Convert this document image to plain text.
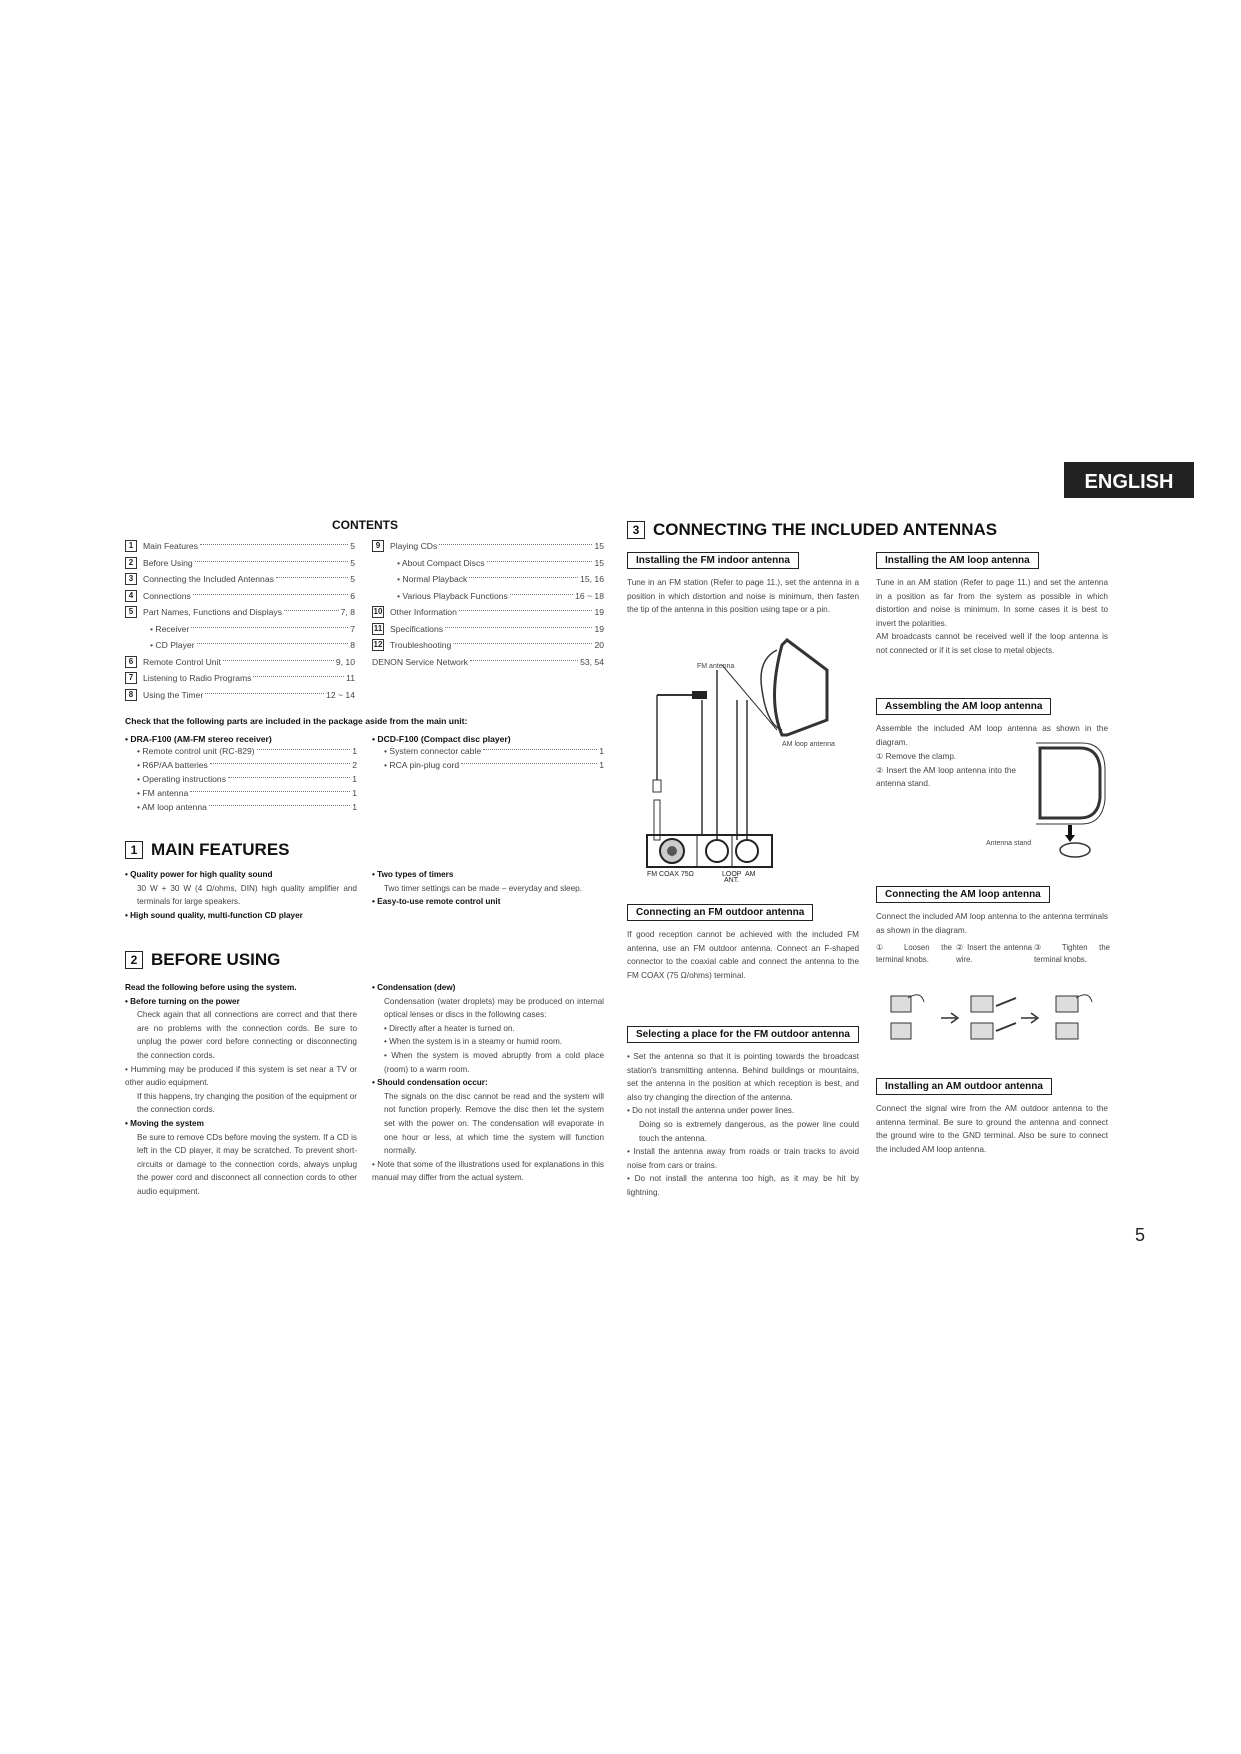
ENGLISH
CONTENTS
1	Main Features	5
2	Before Using	5
3	Connecting the Included Antennas	5
4	Connections	6
5	Part Names, Functions and Displays	7, 8
• Receiver	7
• CD Player	8
6	Remote Control Unit	9, 10
7	Listening to Radio Programs	11
8	Using the Timer	12 ~ 14
9	Playing CDs	15
• About Compact Discs	15
• Normal Playback	15, 16
• Various Playback Functions	16 ~ 18
10 Other Information	19
11 Specifications	19
12 Troubleshooting	20
DENON Service Network	53, 54
Check that the following parts are included in the package aside from the main unit:
• DRA-F100 (AM-FM stereo receiver)
• Remote control unit (RC-829)	1
• R6P/AA batteries	2
• Operating instructions	1
• FM antenna	1
• AM loop antenna	1
• DCD-F100 (Compact disc player)
• System connector cable	1
• RCA pin-plug cord	1
1 MAIN FEATURES

• Quality power for high quality sound

30 W + 30 W (4 Ω/ohms, DIN) high quality amplifier and terminals for large speakers.

• High sound quality, multi-function CD player

• Two types of timers

Two timer settings can be made – everyday and sleep.

• Easy-to-use remote control unit

2 BEFORE USING

Read the following before using the system.

• Before turning on the power

Check again that all connections are correct and that there are no problems with the connection cords. Be sure to unplug the power cord before connecting or disconnecting the connection cords.

• Humming may be produced if this system is set near a TV or other audio equipment.

If this happens, try changing the position of the equipment or the connection cords.

• Moving the system

Be sure to remove CDs before moving the system. If a CD is left in the CD player, it may be scratched. To prevent short-circuits or damage to the connection cords, always unplug the power cord and disconnect all connection cords to other audio equipment.

• Condensation (dew)

Condensation (water droplets) may be produced on internal optical lenses or discs in the following cases:

• Directly after a heater is turned on.

• When the system is in a steamy or humid room.

• When the system is moved abruptly from a cold place (room) to a warm room.

• Should condensation occur:

The signals on the disc cannot be read and the system will not function properly. Remove the disc then let the system set with the power on. The condensation will evaporate in one hour or less, at which time the system will function normally.

• Note that some of the illustrations used for explanations in this manual may differ from the actual system.

3 CONNECTING THE INCLUDED ANTENNAS
Installing the FM indoor antenna
Tune in an FM station (Refer to page 11.), set the antenna in a position in which distortion and noise is minimum, then fasten the tip of the antenna in this position using tape or a pin.
FM antenna
AM loop antenna
FM COAX 75Ω	LOOP AM
ANT.
Connecting an FM outdoor antenna
If good reception cannot be achieved with the included FM antenna, use an FM outdoor antenna. Connect an F-shaped connector to the coaxial cable and connect the antenna to the FM COAX (75 Ω/ohms) terminal.
Selecting a place for the FM outdoor antenna

• Set the antenna so that it is pointing towards the broadcast station's transmitting antenna. Behind buildings or mountains, set the antenna in the position at which reception is best, and also try changing the direction of the antenna.

• Do not install the antenna under power lines.

Doing so is extremely dangerous, as the power line could touch the antenna.

• Install the antenna away from roads or train tracks to avoid noise from cars or trains.

• Do not install the antenna too high, as it may be hit by lightning.

Installing the AM loop antenna

Tune in an AM station (Refer to page 11.) and set the antenna in a position as far from the system as possible in which distortion and noise is minimum. In some cases it is best to invert the polarities.

AM broadcasts cannot be received well if the loop antenna is not connected or if it is set close to metal objects.

Assembling the AM loop antenna
Assemble the included AM loop antenna as shown in the diagram.

① Remove the clamp.

② Insert the AM loop antenna into the antenna stand.

Antenna stand
Connecting the AM loop antenna
Connect the included AM loop antenna to the antenna terminals as shown in the diagram.
① Loosen the terminal knobs.
② Insert the antenna wire.
③ Tighten the terminal knobs.
Installing an AM outdoor antenna
Connect the signal wire from the AM outdoor antenna to the antenna terminal. Be sure to ground the antenna and connect the ground wire to the GND terminal. Also be sure to connect the included AM loop antenna.
5
